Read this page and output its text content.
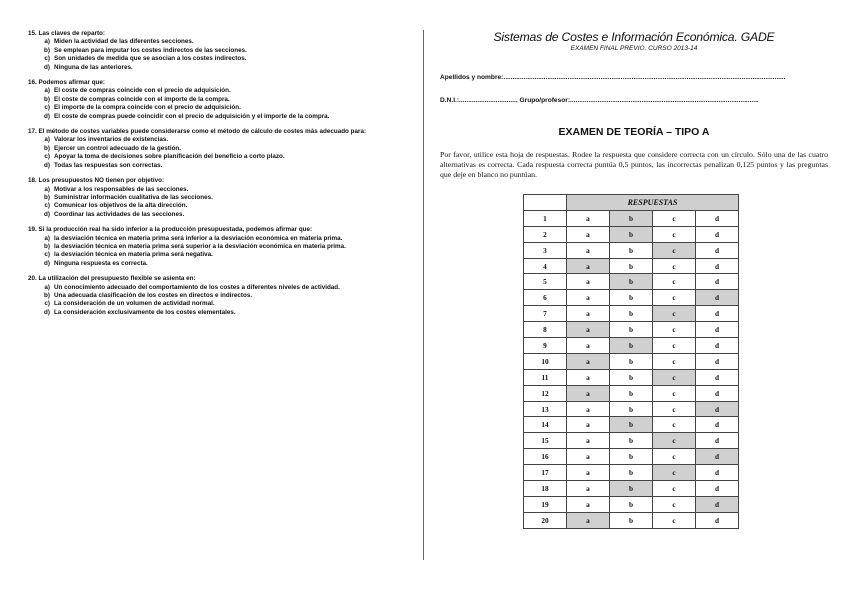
15. Las claves de reparto:
a) Miden la actividad de las diferentes secciones.
b) Se emplean para imputar los costes indirectos de las secciones.
c) Son unidades de medida que se asocian a los costes indirectos.
d) Ninguna de las anteriores.
16. Podemos afirmar que:
a) El coste de compras coincide con el precio de adquisición.
b) El coste de compras coincide con el importe de la compra.
c) El importe de la compra coincide con el precio de adquisición.
d) El coste de compras puede coincidir con el precio de adquisición y el importe de la compra.
17. El método de costes variables puede considerarse como el método de cálculo de costes más adecuado para:
a) Valorar los inventarios de existencias.
b) Ejercer un control adecuado de la gestión.
c) Apoyar la toma de decisiones sobre planificación del beneficio a corto plazo.
d) Todas las respuestas son correctas.
18. Los presupuestos NO tienen por objetivo:
a) Motivar a los responsables de las secciones.
b) Suministrar información cualitativa de las secciones.
c) Comunicar los objetivos de la alta dirección.
d) Coordinar las actividades de las secciones.
19. Si la producción real ha sido inferior a la producción presupuestada, podemos afirmar que:
a) la desviación técnica en materia prima será inferior a la desviación económica en materia prima.
b) la desviación técnica en materia prima será superior a la desviación económica en materia prima.
c) la desviación técnica en materia prima será negativa.
d) Ninguna respuesta es correcta.
20. La utilización del presupuesto flexible se asienta en:
a) Un conocimiento adecuado del comportamiento de los costes a diferentes niveles de actividad.
b) Una adecuada clasificación de los costes en directos e indirectos.
c) La consideración de un volumen de actividad normal.
d) La consideración exclusivamente de los costes elementales.
Sistemas de Costes e Información Económica. GADE
EXAMEN FINAL PREVIO. CURSO 2013-14
Apellidos y nombre:..........................................................................................................................................................
D.N.I.:................................ Grupo/profesor:.......................................................................................................
EXAMEN DE TEORÍA – TIPO A
Por favor, utilice esta hoja de respuestas. Rodee la respuesta que considere correcta con un círculo. Sólo una de las cuatro alternativas es correcta. Cada respuesta correcta puntúa 0,5 puntos, las incorrectas penalizan 0,125 puntos y las preguntas que deje en blanco no puntúan.
	RESPUESTAS			
1	a	b	c	d
2	a	b	c	d
3	a	b	c	d
4	a	b	c	d
5	a	b	c	d
6	a	b	c	d
7	a	b	c	d
8	a	b	c	d
9	a	b	c	d
10	a	b	c	d
11	a	b	c	d
12	a	b	c	d
13	a	b	c	d
14	a	b	c	d
15	a	b	c	d
16	a	b	c	d
17	a	b	c	d
18	a	b	c	d
19	a	b	c	d
20	a	b	c	d
